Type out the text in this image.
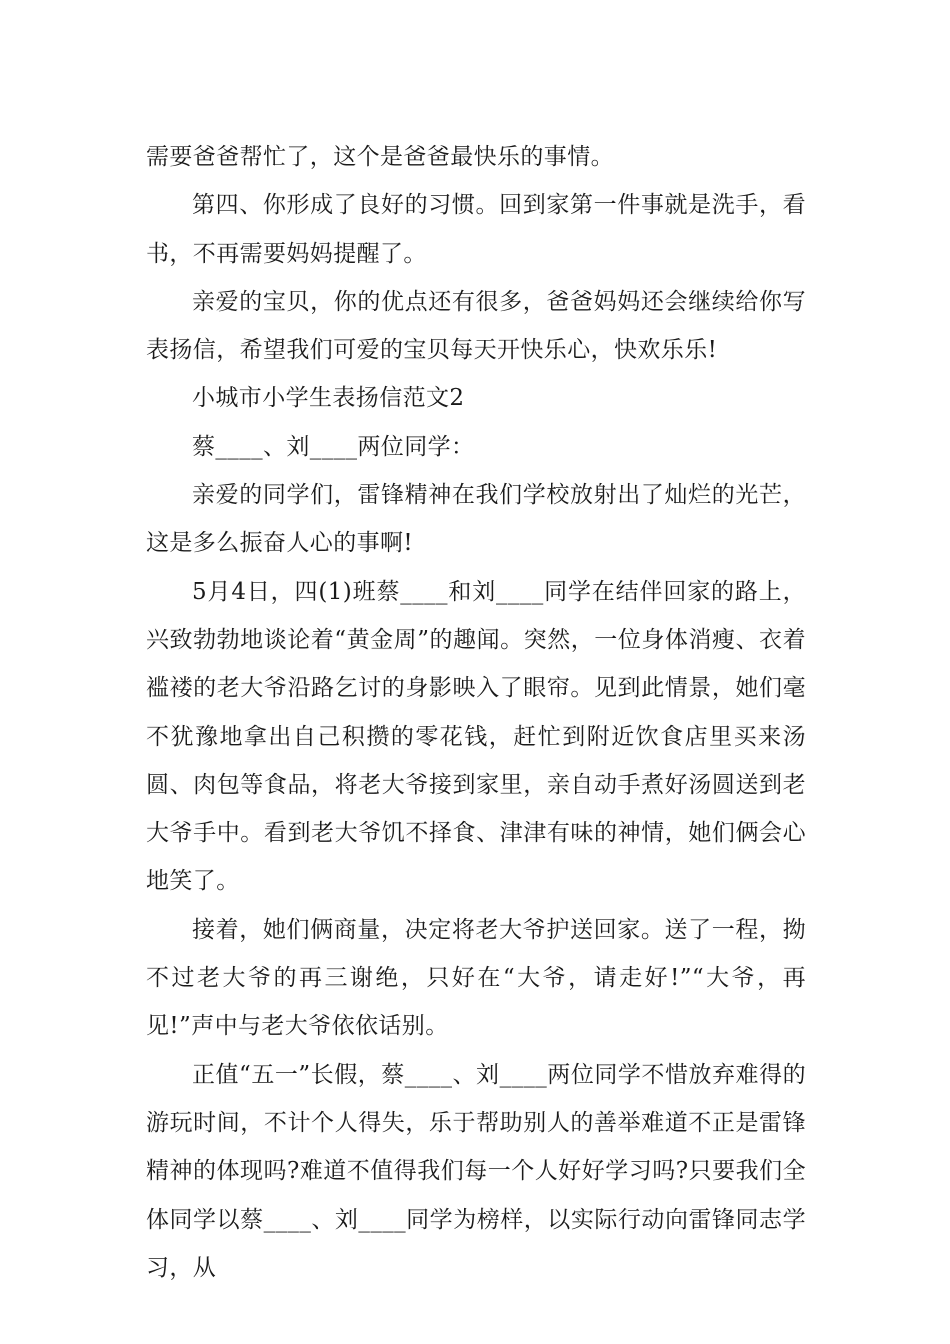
需要爸爸帮忙了，这个是爸爸最快乐的事情。

第四、你形成了良好的习惯。回到家第一件事就是洗手，看书，不再需要妈妈提醒了。

亲爱的宝贝，你的优点还有很多，爸爸妈妈还会继续给你写表扬信，希望我们可爱的宝贝每天开快乐心，快欢乐乐!

小城市小学生表扬信范文2

蔡____、刘____两位同学：

亲爱的同学们，雷锋精神在我们学校放射出了灿烂的光芒，这是多么振奋人心的事啊!

5月4日，四(1)班蔡____和刘____同学在结伴回家的路上，兴致勃勃地谈论着“黄金周”的趣闻。突然，一位身体消瘦、衣着褴褛的老大爷沿路乞讨的身影映入了眼帘。见到此情景，她们毫不犹豫地拿出自己积攒的零花钱，赶忙到附近饮食店里买来汤圆、肉包等食品，将老大爷接到家里，亲自动手煮好汤圆送到老大爷手中。看到老大爷饥不择食、津津有味的神情，她们俩会心地笑了。

接着，她们俩商量，决定将老大爷护送回家。送了一程，拗不过老大爷的再三谢绝，只好在“大爷，请走好!”“大爷，再见!”声中与老大爷依依话别。

正值“五一”长假，蔡____、刘____两位同学不惜放弃难得的游玩时间，不计个人得失，乐于帮助别人的善举难道不正是雷锋精神的体现吗?难道不值得我们每一个人好好学习吗?只要我们全体同学以蔡____、刘____同学为榜样，以实际行动向雷锋同志学习，从
